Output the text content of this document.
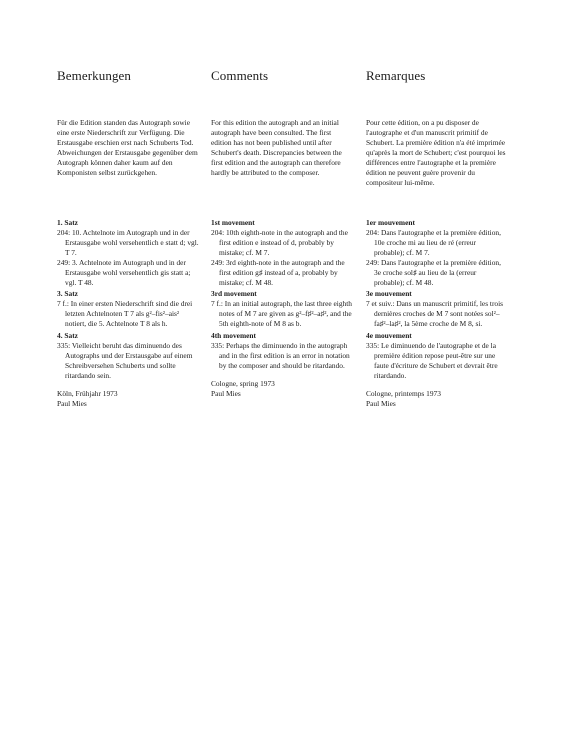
Bemerkungen
Für die Edition standen das Autograph sowie eine erste Niederschrift zur Verfügung. Die Erstausgabe erschien erst nach Schuberts Tod. Abweichungen der Erstausgabe gegenüber dem Autograph können daher kaum auf den Komponisten selbst zurückgehen.
1. Satz
204: 10. Achtelnote im Autograph und in der Erstausgabe wohl versehentlich e statt d; vgl. T 7.
249: 3. Achtelnote im Autograph und in der Erstausgabe wohl versehentlich gis statt a; vgl. T 48.
3. Satz
7 f.: In einer ersten Niederschrift sind die drei letzten Achtelnoten T 7 als g²–fis²–ais² notiert, die 5. Achtelnote T 8 als h.
4. Satz
335: Vielleicht beruht das diminuendo des Autographs und der Erstausgabe auf einem Schreibversehen Schuberts und sollte ritardando sein.
Köln, Frühjahr 1973
Paul Mies
Comments
For this edition the autograph and an initial autograph have been consulted. The first edition has not been published until after Schubert's death. Discrepancies between the first edition and the autograph can therefore hardly be attributed to the composer.
1st movement
204: 10th eighth-note in the autograph and the first edition e instead of d, probably by mistake; cf. M 7.
249: 3rd eighth-note in the autograph and the first edition g♯ instead of a, probably by mistake; cf. M 48.
3rd movement
7 f.: In an initial autograph, the last three eighth notes of M 7 are given as g²–f♯²–a♯², and the 5th eighth-note of M 8 as b.
4th movement
335: Perhaps the diminuendo in the autograph and in the first edition is an error in notation by the composer and should be ritardando.
Cologne, spring 1973
Paul Mies
Remarques
Pour cette édition, on a pu disposer de l'autographe et d'un manuscrit primitif de Schubert. La première édition n'a été imprimée qu'après la mort de Schubert; c'est pourquoi les différences entre l'autographe et la première édition ne peuvent guère provenir du compositeur lui-même.
1er mouvement
204: Dans l'autographe et la première édition, 10e croche mi au lieu de ré (erreur probable); cf. M 7.
249: Dans l'autographe et la première édition, 3e croche sol♯ au lieu de la (erreur probable); cf. M 48.
3e mouvement
7 et suiv.: Dans un manuscrit primitif, les trois dernières croches de M 7 sont notées sol²–fa♯²–la♯², la 5ème croche de M 8, si.
4e mouvement
335: Le diminuendo de l'autographe et de la première édition repose peut-être sur une faute d'écriture de Schubert et devrait être ritardando.
Cologne, printemps 1973
Paul Mies
